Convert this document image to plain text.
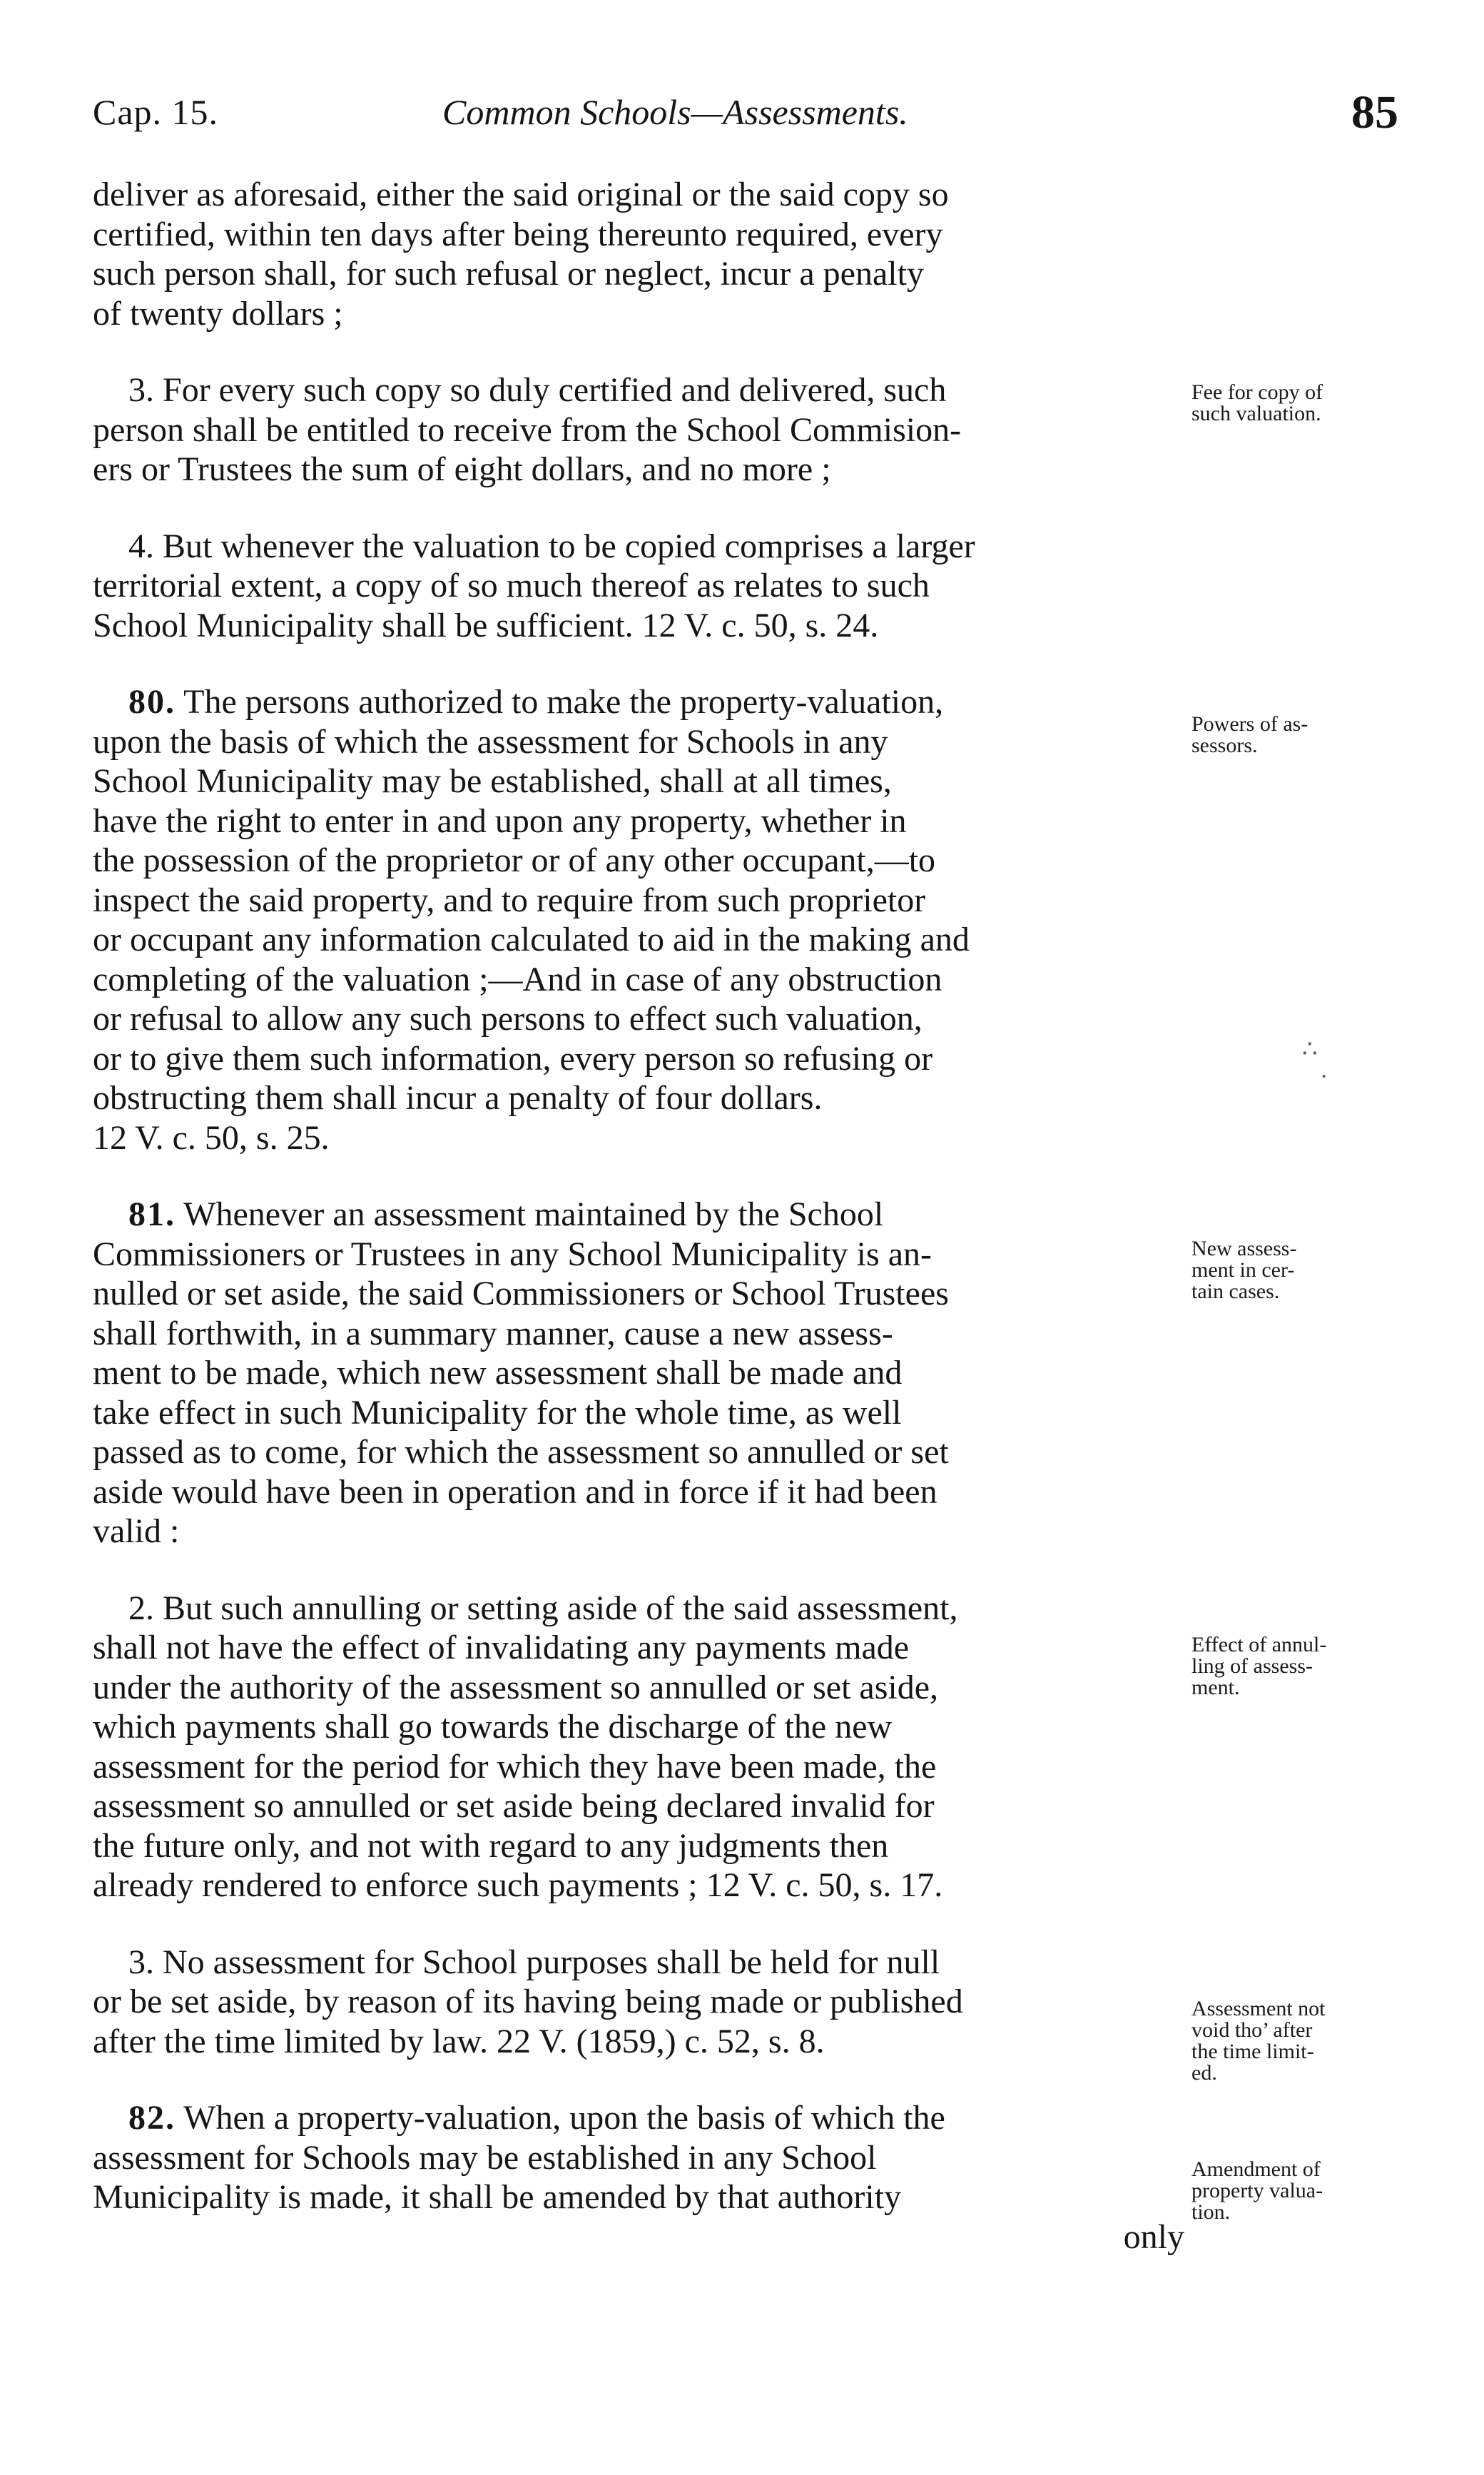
Cap. 15.	Common Schools—Assessments.	85

deliver as aforesaid, either the said original or the said copy so
certified, within ten days after being thereunto required, every
such person shall, for such refusal or neglect, incur a penalty
of twenty dollars ;

3. For every such copy so duly certified and delivered, such
person shall be entitled to receive from the School Commision-
ers or Trustees the sum of eight dollars, and no more ;

4. But whenever the valuation to be copied comprises a larger
territorial extent, a copy of so much thereof as relates to such
School Municipality shall be sufficient. 12 V. c. 50, s. 24.

80. The persons authorized to make the property-valuation,
upon the basis of which the assessment for Schools in any
School Municipality may be established, shall at all times,
have the right to enter in and upon any property, whether in
the possession of the proprietor or of any other occupant,—to
inspect the said property, and to require from such proprietor
or occupant any information calculated to aid in the making and
completing of the valuation ;—And in case of any obstruction
or refusal to allow any such persons to effect such valuation,
or to give them such information, every person so refusing or
obstructing them shall incur a penalty of four dollars.
12 V. c. 50, s. 25.

81. Whenever an assessment maintained by the School
Commissioners or Trustees in any School Municipality is an-
nulled or set aside, the said Commissioners or School Trustees
shall forthwith, in a summary manner, cause a new assess-
ment to be made, which new assessment shall be made and
take effect in such Municipality for the whole time, as well
passed as to come, for which the assessment so annulled or set
aside would have been in operation and in force if it had been
valid :

2. But such annulling or setting aside of the said assessment,
shall not have the effect of invalidating any payments made
under the authority of the assessment so annulled or set aside,
which payments shall go towards the discharge of the new
assessment for the period for which they have been made, the
assessment so annulled or set aside being declared invalid for
the future only, and not with regard to any judgments then
already rendered to enforce such payments ; 12 V. c. 50, s. 17.

3. No assessment for School purposes shall be held for null
or be set aside, by reason of its having being made or published
after the time limited by law. 22 V. (1859,) c. 52, s. 8.

82. When a property-valuation, upon the basis of which the
assessment for Schools may be established in any School
Municipality is made, it shall be amended by that authority

only

Fee for copy of
such valuation.
Powers of as-
sessors.
New assess-
ment in cer-
tain cases.
Effect of annul-
ling of assess-
ment.
Assessment not
void tho’ after
the time limit-
ed.
Amendment of
property valua-
tion.
∴
·
